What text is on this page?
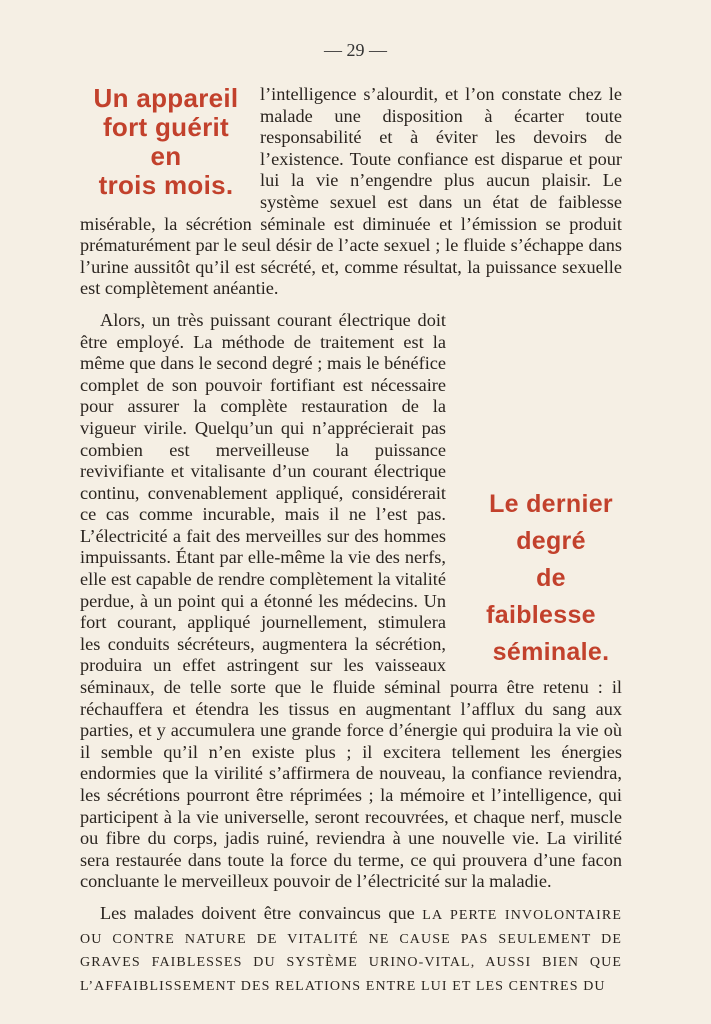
— 29 —

Un appareil
fort guérit
en
trois mois.
l’intelligence s’alourdit, et l’on constate chez le malade une disposition à écarter toute responsabilité et à éviter les devoirs de l’existence. Toute confiance est disparue et pour lui la vie n’engendre plus aucun plaisir. Le système sexuel est dans un état de faiblesse misérable, la sécrétion séminale est diminuée et l’émission se produit prématurément par le seul désir de l’acte sexuel ; le fluide s’échappe dans l’urine aussitôt qu’il est sécrété, et, comme résultat, la puissance sexuelle est complètement anéantie.

Le dernier
degré
de faiblesse
séminale.
Alors, un très puissant courant électrique doit être employé. La méthode de traitement est la même que dans le second degré ; mais le bénéfice complet de son pouvoir fortifiant est nécessaire pour assurer la complète restauration de la vigueur virile. Quelqu’un qui n’apprécierait pas combien est merveilleuse la puissance revivifiante et vitalisante d’un courant électrique continu, convenablement appliqué, considérerait ce cas comme incurable, mais il ne l’est pas. L’électricité a fait des merveilles sur des hommes impuissants. Étant par elle-même la vie des nerfs, elle est capable de rendre complètement la vitalité perdue, à un point qui a étonné les médecins. Un fort courant, appliqué journellement, stimulera les conduits sécréteurs, augmentera la sécrétion, produira un effet astringent sur les vaisseaux séminaux, de telle sorte que le fluide séminal pourra être retenu : il réchauffera et étendra les tissus en augmentant l’afflux du sang aux parties, et y accumulera une grande force d’énergie qui produira la vie où il semble qu’il n’en existe plus ; il excitera tellement les énergies endormies que la virilité s’affirmera de nouveau, la confiance reviendra, les sécrétions pourront être réprimées ; la mémoire et l’intelligence, qui participent à la vie universelle, seront recouvrées, et chaque nerf, muscle ou fibre du corps, jadis ruiné, reviendra à une nouvelle vie. La virilité sera restaurée dans toute la force du terme, ce qui prouvera d’une facon concluante le merveilleux pouvoir de l’électricité sur la maladie.

Les malades doivent être convaincus que LA PERTE INVOLONTAIRE OU CONTRE NATURE DE VITALITÉ NE CAUSE PAS SEULEMENT DE GRAVES FAIBLESSES DU SYSTÈME URINO-VITAL, AUSSI BIEN QUE L’AFFAIBLISSEMENT DES RELATIONS ENTRE LUI ET LES CENTRES DU
